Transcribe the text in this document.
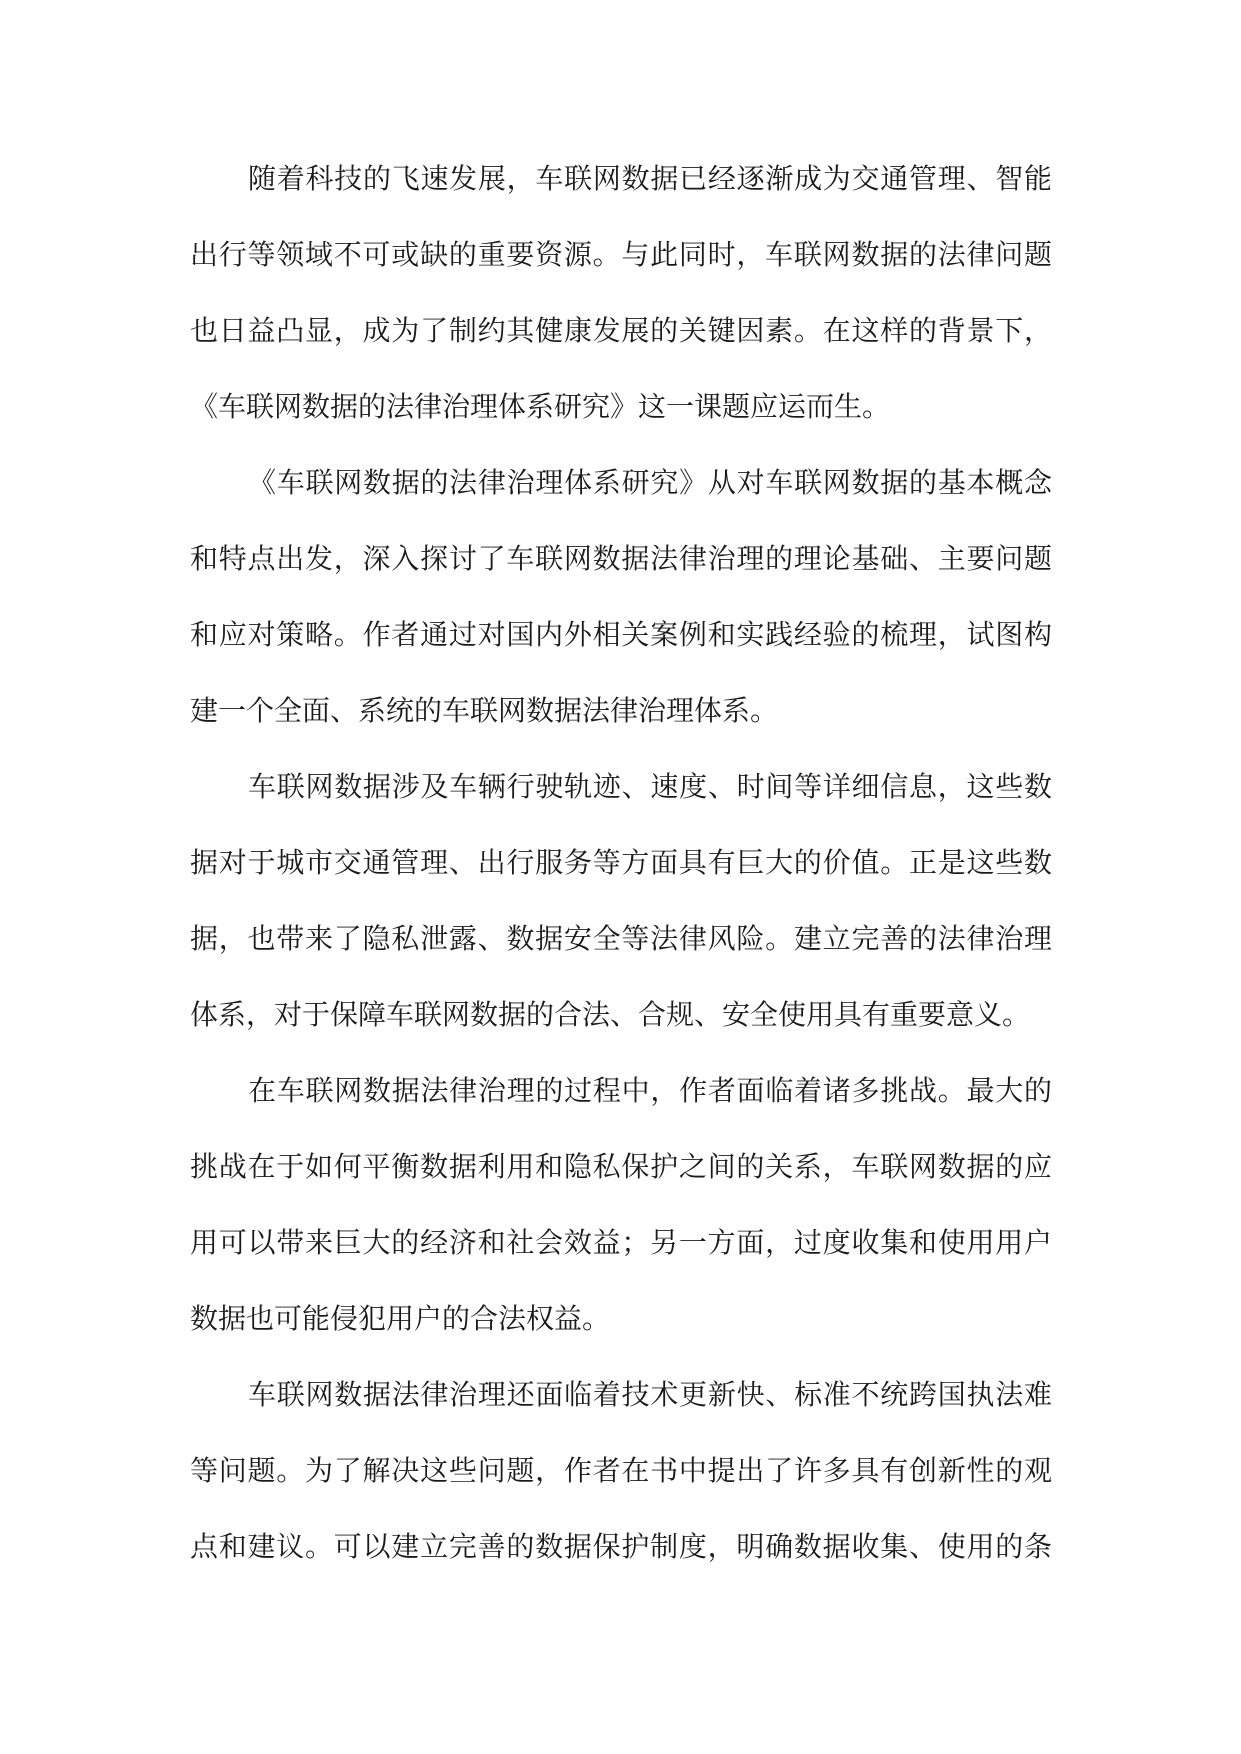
随着科技的飞速发展，车联网数据已经逐渐成为交通管理、智能
出行等领域不可或缺的重要资源。与此同时，车联网数据的法律问题
也日益凸显，成为了制约其健康发展的关键因素。在这样的背景下，
《车联网数据的法律治理体系研究》这一课题应运而生。
《车联网数据的法律治理体系研究》从对车联网数据的基本概念
和特点出发，深入探讨了车联网数据法律治理的理论基础、主要问题
和应对策略。作者通过对国内外相关案例和实践经验的梳理，试图构
建一个全面、系统的车联网数据法律治理体系。
车联网数据涉及车辆行驶轨迹、速度、时间等详细信息，这些数
据对于城市交通管理、出行服务等方面具有巨大的价值。正是这些数
据，也带来了隐私泄露、数据安全等法律风险。建立完善的法律治理
体系，对于保障车联网数据的合法、合规、安全使用具有重要意义。
在车联网数据法律治理的过程中，作者面临着诸多挑战。最大的
挑战在于如何平衡数据利用和隐私保护之间的关系，车联网数据的应
用可以带来巨大的经济和社会效益；另一方面，过度收集和使用用户
数据也可能侵犯用户的合法权益。
车联网数据法律治理还面临着技术更新快、标准不统跨国执法难
等问题。为了解决这些问题，作者在书中提出了许多具有创新性的观
点和建议。可以建立完善的数据保护制度，明确数据收集、使用的条
